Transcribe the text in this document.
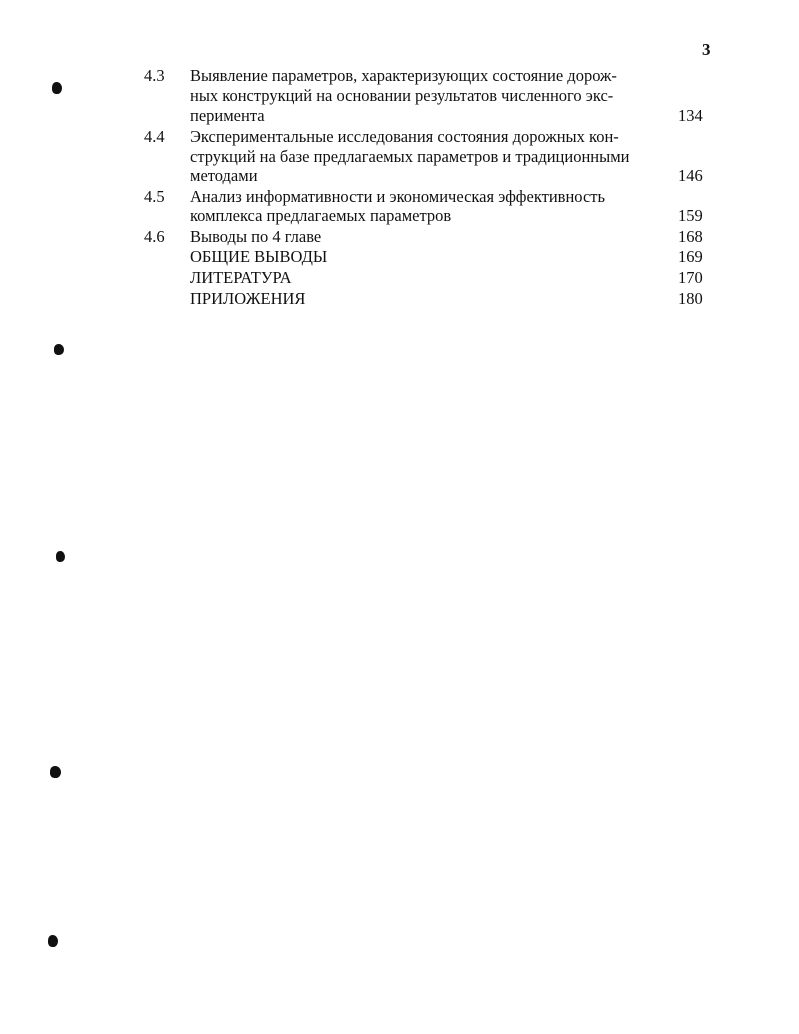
3
4.3 Выявление параметров, характеризующих состояние дорож-
ных конструкций на основании результатов численного экс-
перимента	134
4.4 Экспериментальные исследования состояния дорожных кон-
струкций на базе предлагаемых параметров и традиционными
методами	146
4.5 Анализ информативности и экономическая эффективность
комплекса предлагаемых параметров	159
4.6 Выводы по 4 главе	168
ОБЩИЕ ВЫВОДЫ	169
ЛИТЕРАТУРА	170
ПРИЛОЖЕНИЯ	180
